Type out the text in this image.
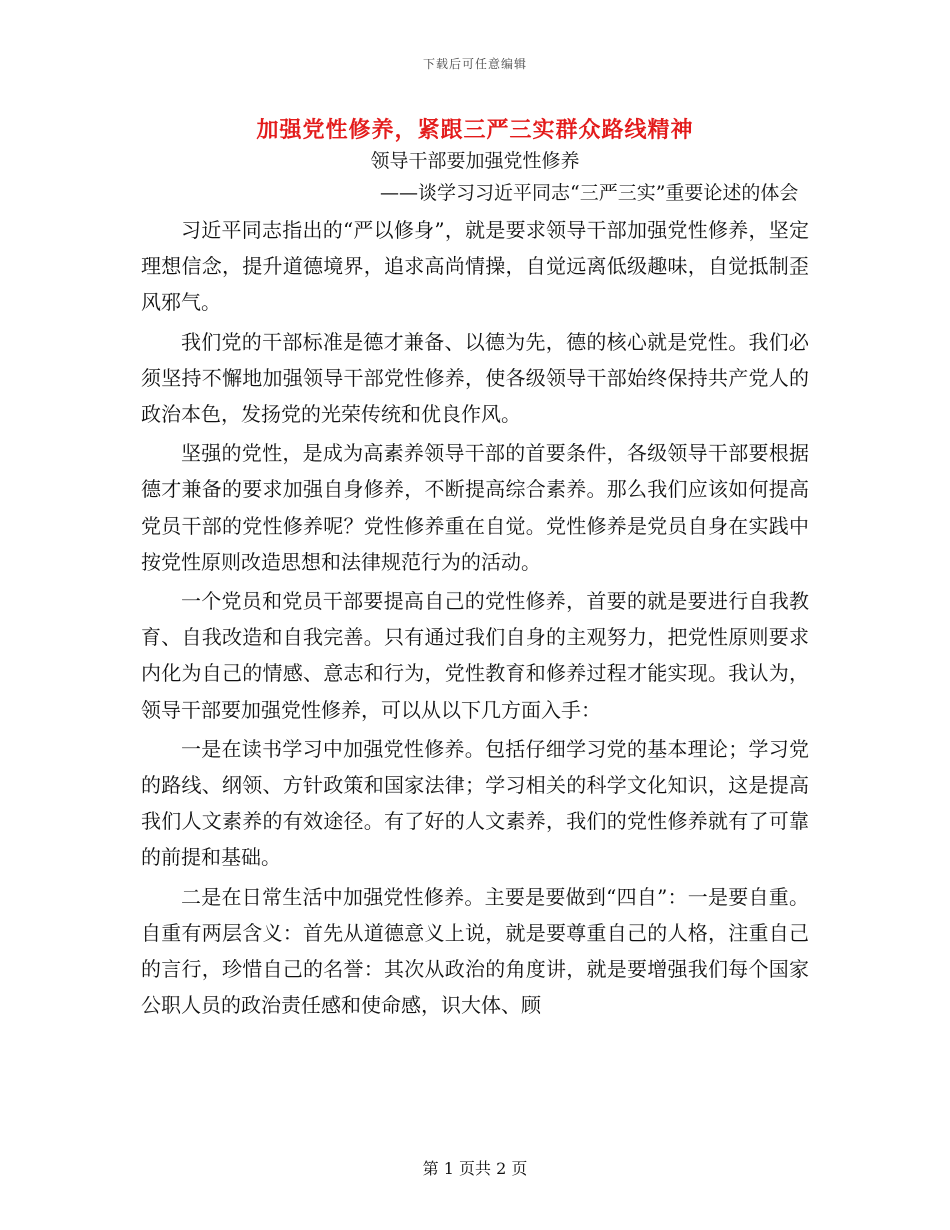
下载后可任意编辑
加强党性修养，紧跟三严三实群众路线精神
领导干部要加强党性修养
——谈学习习近平同志“三严三实”重要论述的体会

习近平同志指出的“严以修身”，就是要求领导干部加强党性修养，坚定理想信念，提升道德境界，追求高尚情操，自觉远离低级趣味，自觉抵制歪风邪气。

我们党的干部标准是德才兼备、以德为先，德的核心就是党性。我们必须坚持不懈地加强领导干部党性修养，使各级领导干部始终保持共产党人的政治本色，发扬党的光荣传统和优良作风。

坚强的党性，是成为高素养领导干部的首要条件，各级领导干部要根据德才兼备的要求加强自身修养，不断提高综合素养。那么我们应该如何提高党员干部的党性修养呢？党性修养重在自觉。党性修养是党员自身在实践中按党性原则改造思想和法律规范行为的活动。

一个党员和党员干部要提高自己的党性修养，首要的就是要进行自我教育、自我改造和自我完善。只有通过我们自身的主观努力，把党性原则要求内化为自己的情感、意志和行为，党性教育和修养过程才能实现。我认为，领导干部要加强党性修养，可以从以下几方面入手：

一是在读书学习中加强党性修养。包括仔细学习党的基本理论；学习党的路线、纲领、方针政策和国家法律；学习相关的科学文化知识，这是提高我们人文素养的有效途径。有了好的人文素养，我们的党性修养就有了可靠的前提和基础。

二是在日常生活中加强党性修养。主要是要做到“四自”：一是要自重。自重有两层含义：首先从道德意义上说，就是要尊重自己的人格，注重自己的言行，珍惜自己的名誉：其次从政治的角度讲，就是要增强我们每个国家公职人员的政治责任感和使命感，识大体、顾

第 1 页共 2 页
